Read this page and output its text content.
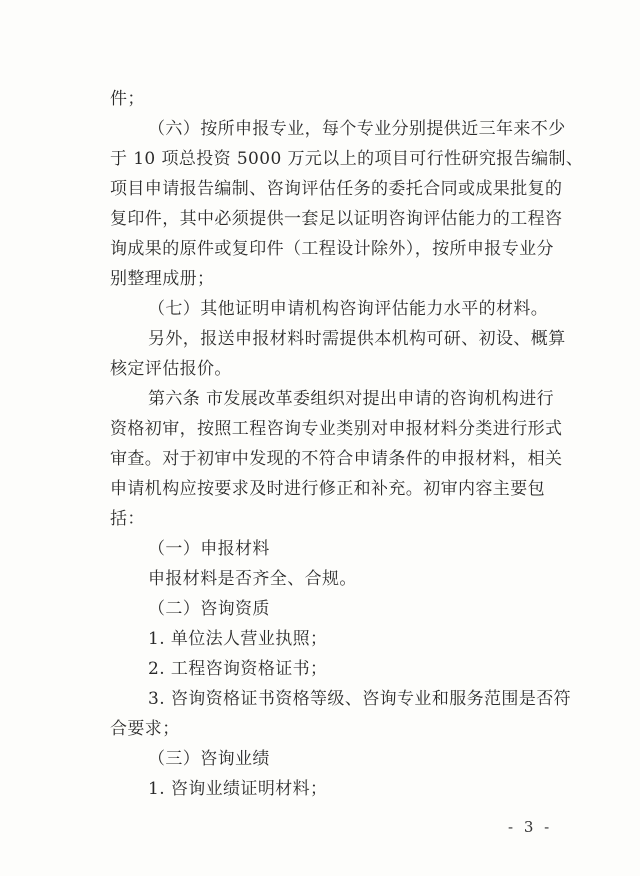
件；
（六）按所申报专业，每个专业分别提供近三年来不少
于 10 项总投资 5000 万元以上的项目可行性研究报告编制、
项目申请报告编制、咨询评估任务的委托合同或成果批复的
复印件，其中必须提供一套足以证明咨询评估能力的工程咨
询成果的原件或复印件（工程设计除外），按所申报专业分
别整理成册；
（七）其他证明申请机构咨询评估能力水平的材料。
另外，报送申报材料时需提供本机构可研、初设、概算
核定评估报价。
第六条 市发展改革委组织对提出申请的咨询机构进行
资格初审，按照工程咨询专业类别对申报材料分类进行形式
审查。对于初审中发现的不符合申请条件的申报材料，相关
申请机构应按要求及时进行修正和补充。初审内容主要包
括：
（一）申报材料
申报材料是否齐全、合规。
（二）咨询资质
1. 单位法人营业执照；
2. 工程咨询资格证书；
3. 咨询资格证书资格等级、咨询专业和服务范围是否符
合要求；
（三）咨询业绩
1. 咨询业绩证明材料；
- 3 -
